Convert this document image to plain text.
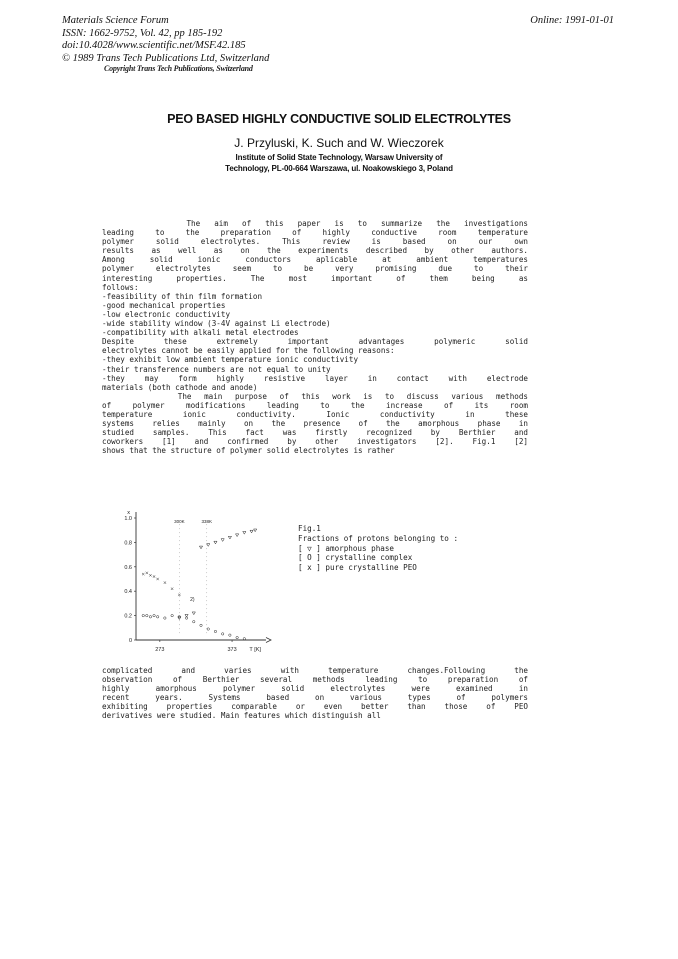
Materials Science Forum
ISSN: 1662-9752, Vol. 42, pp 185-192
doi:10.4028/www.scientific.net/MSF.42.185
© 1989 Trans Tech Publications Ltd, Switzerland
Online: 1991-01-01
Copyright Trans Tech Publications, Switzerland
PEO BASED HIGHLY CONDUCTIVE SOLID ELECTROLYTES
J. Przyluski, K. Such and W. Wieczorek
Institute of Solid State Technology, Warsaw University of
Technology, PL-00-664 Warszawa, ul. Noakowskiego 3, Poland
The aim of this paper is to summarize the investigations
leading to the preparation of highly conductive room temperature
polymer solid electrolytes. This review is based on our own
results as well as on the experiments described by other authors.
Among solid ionic conductors aplicable at ambient temperatures
polymer electrolytes seem to be very promising due to their
interesting properties. The most important of them being as
follows:
-feasibility of thin film formation
-good mechanical properties
-low electronic conductivity
-wide stability window (3-4V against Li electrode)
-compatibility with alkali metal electrodes
Despite these extremely important advantages polymeric solid
electrolytes cannot be easily applied for the following reasons:
-they exhibit low ambient temperature ionic conductivity
-their transference numbers are not equal to unity
-they may form highly resistive layer in contact with electrode
materials (both cathode and anode)
The main purpose of this work is to discuss various methods
of polymer modifications leading to the increase of its room
temperature ionic conductivity. Ionic conductivity in these
systems relies mainly on the presence of the amorphous phase in
studied samples. This fact was firstly recognized by Berthier and
coworkers [1] and confirmed by other investigators [2]. Fig.1 [2]
shows that the structure of polymer solid electrolytes is rather
0
0.2
0.4
0.6
0.8
1.0
273	373 T [K]
x
300K	338K
2)
Fig.1
Fractions of protons belonging to :
[ ▽ ] amorphous phase
[ O ] crystalline complex
[ x ] pure crystalline PEO
complicated and varies with temperature changes.Following the
observation of Berthier several methods leading to preparation of
highly amorphous polymer solid electrolytes were examined in
recent years. Systems based on various types of polymers
exhibiting properties comparable or even better than those of PEO
derivatives were studied. Main features which distinguish all
